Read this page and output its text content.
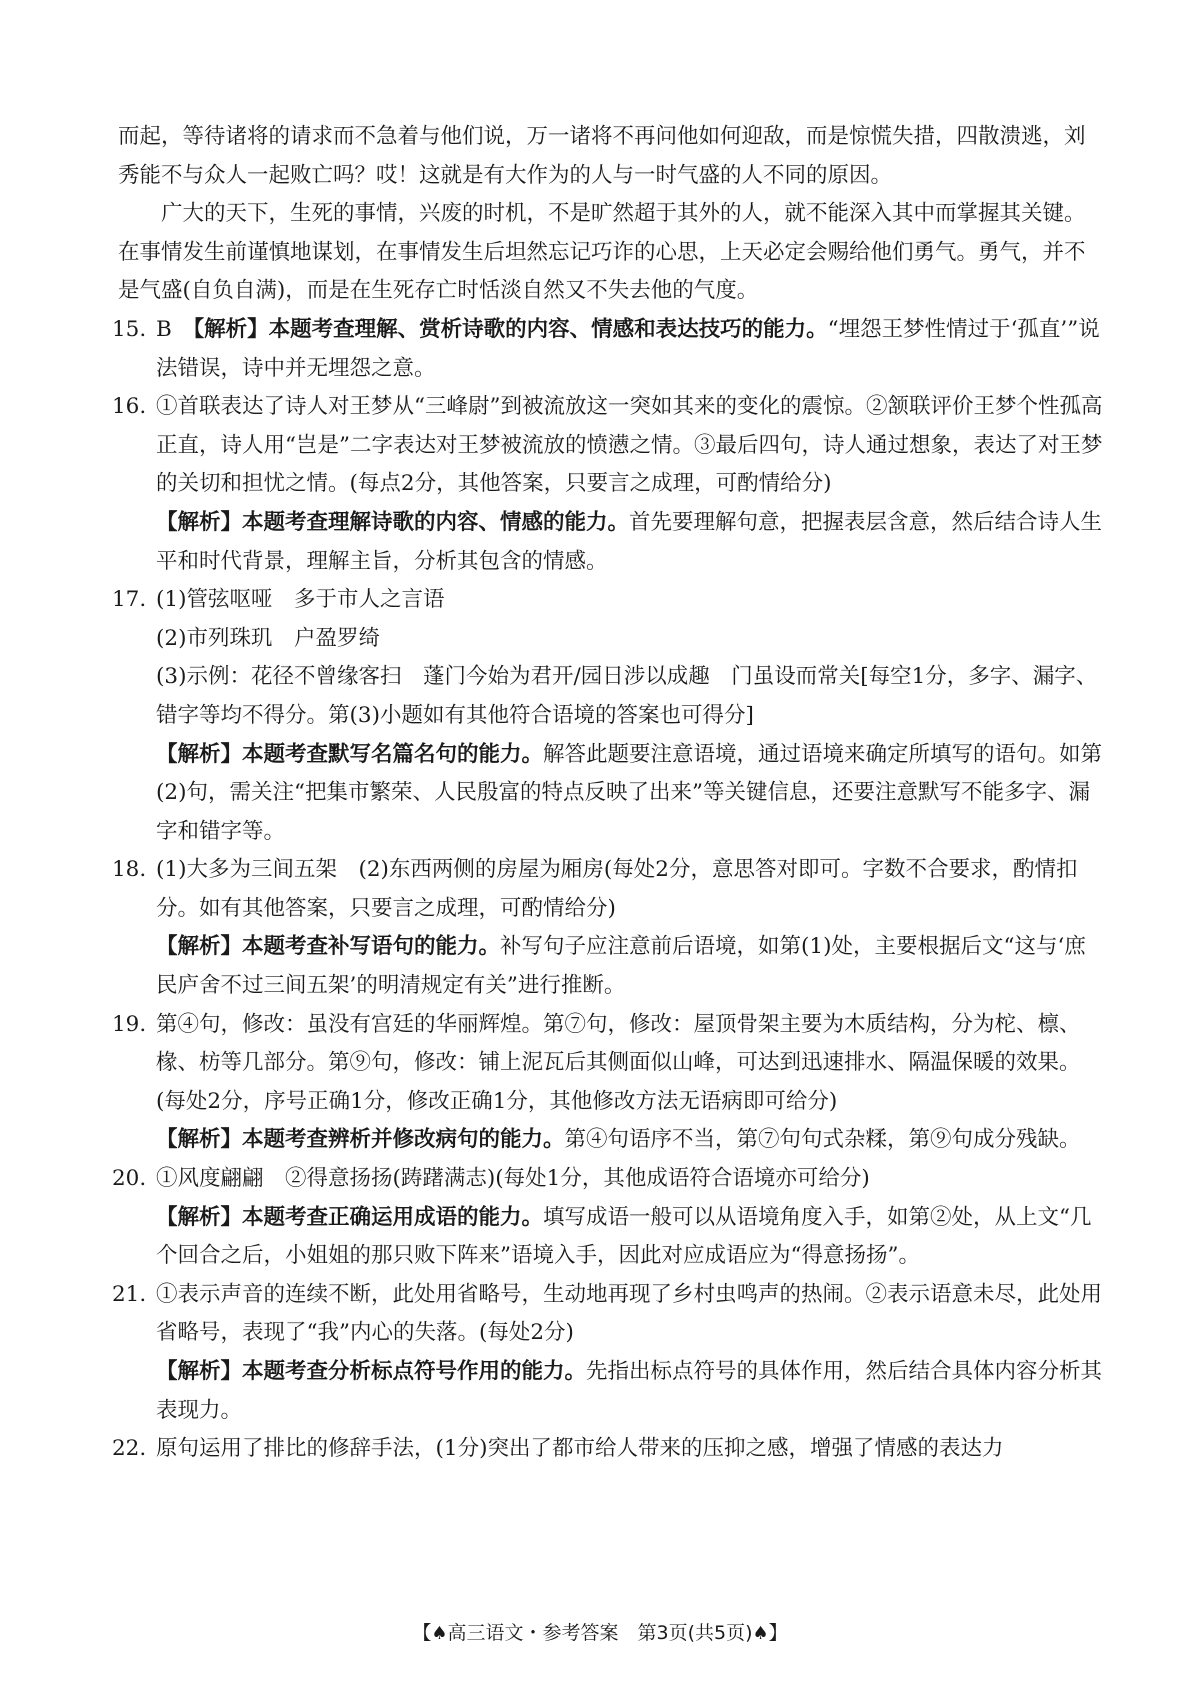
而起，等待诸将的请求而不急着与他们说，万一诸将不再问他如何迎敌，而是惊慌失措，四散溃逃，刘秀能不与众人一起败亡吗？哎！这就是有大作为的人与一时气盛的人不同的原因。

广大的天下，生死的事情，兴废的时机，不是旷然超于其外的人，就不能深入其中而掌握其关键。在事情发生前谨慎地谋划，在事情发生后坦然忘记巧诈的心思，上天必定会赐给他们勇气。勇气，并不是气盛(自负自满)，而是在生死存亡时恬淡自然又不失去他的气度。

15. B　 【解析】本题考查理解、赏析诗歌的内容、情感和表达技巧的能力。“埋怨王梦性情过于‘孤直’”说法错误，诗中并无埋怨之意。
16. ①首联表达了诗人对王梦从“三峰尉”到被流放这一突如其来的变化的震惊。②颔联评价王梦个性孤高正直，诗人用“岂是”二字表达对王梦被流放的愤懑之情。③最后四句，诗人通过想象，表达了对王梦的关切和担忧之情。(每点2分，其他答案，只要言之成理，可酌情给分)

【解析】本题考查理解诗歌的内容、情感的能力。首先要理解句意，把握表层含意，然后结合诗人生平和时代背景，理解主旨，分析其包含的情感。

17. (1)管弦呕哑　多于市人之言语

(2)市列珠玑　户盈罗绮

(3)示例：花径不曾缘客扫　蓬门今始为君开/园日涉以成趣　门虽设而常关[每空1分，多字、漏字、错字等均不得分。第(3)小题如有其他符合语境的答案也可得分]

【解析】本题考查默写名篇名句的能力。解答此题要注意语境，通过语境来确定所填写的语句。如第(2)句，需关注“把集市繁荣、人民殷富的特点反映了出来”等关键信息，还要注意默写不能多字、漏字和错字等。

18. (1)大多为三间五架　(2)东西两侧的房屋为厢房(每处2分，意思答对即可。字数不合要求，酌情扣分。如有其他答案，只要言之成理，可酌情给分)

【解析】本题考查补写语句的能力。补写句子应注意前后语境，如第(1)处，主要根据后文“这与‘庶民庐舍不过三间五架’的明清规定有关”进行推断。

19. 第④句，修改：虽没有宫廷的华丽辉煌。第⑦句，修改：屋顶骨架主要为木质结构，分为柁、檩、椽、枋等几部分。第⑨句，修改：铺上泥瓦后其侧面似山峰，可达到迅速排水、隔温保暖的效果。(每处2分，序号正确1分，修改正确1分，其他修改方法无语病即可给分)

【解析】本题考查辨析并修改病句的能力。第④句语序不当，第⑦句句式杂糅，第⑨句成分残缺。

20. ①风度翩翩　②得意扬扬(踌躇满志)(每处1分，其他成语符合语境亦可给分)

【解析】本题考查正确运用成语的能力。填写成语一般可以从语境角度入手，如第②处，从上文“几个回合之后，小姐姐的那只败下阵来”语境入手，因此对应成语应为“得意扬扬”。

21. ①表示声音的连续不断，此处用省略号，生动地再现了乡村虫鸣声的热闹。②表示语意未尽，此处用省略号，表现了“我”内心的失落。(每处2分)

【解析】本题考查分析标点符号作用的能力。先指出标点符号的具体作用，然后结合具体内容分析其表现力。

22. 原句运用了排比的修辞手法，(1分)突出了都市给人带来的压抑之感，增强了情感的表达力

【♠高三语文・参考答案　第3页(共5页)♠】
